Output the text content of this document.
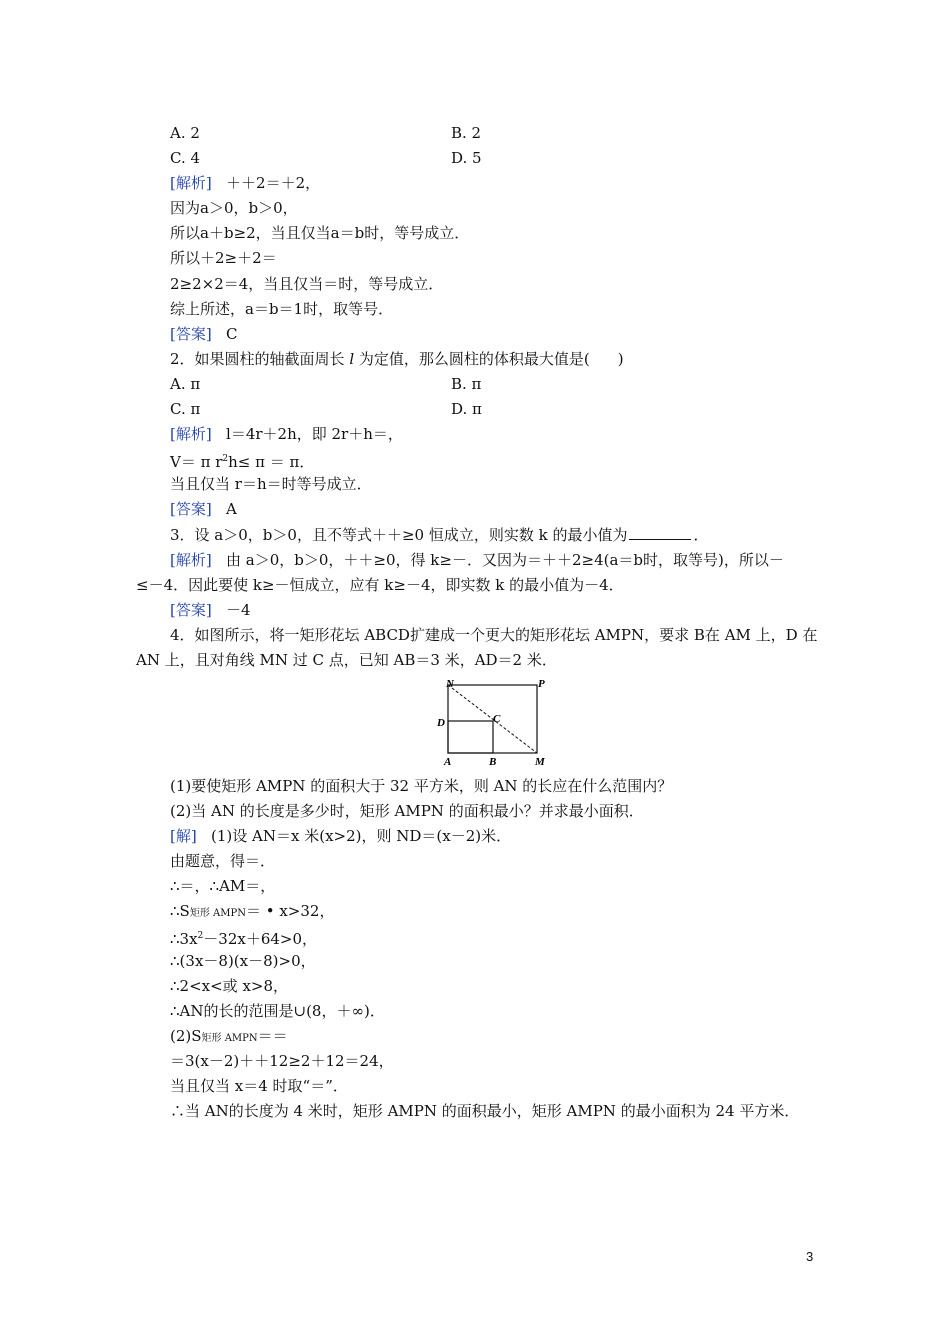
A. 2	B. 2
C. 4	D. 5
[解析] ＋＋2＝＋2，
因为a＞0，b＞0，
所以a＋b≥2，当且仅当a＝b时，等号成立．
所以＋2≥＋2＝
2≥2×2＝4，当且仅当＝时，等号成立．
综上所述，a＝b＝1时，取等号．
[答案] C
2．如果圆柱的轴截面周长 l 为定值，那么圆柱的体积最大值是( )
A. π	B. π
C. π	D. π
[解析] l＝4r＋2h，即 2r＋h＝，
V＝ π $r^2h\le \pi = \pi$．
当且仅当 r＝h＝时等号成立．
[答案] A
3．设 a＞0，b＞0，且不等式＋＋≥0 恒成立，则实数 k 的最小值为	．
[解析] 由 a＞0，b＞0，＋＋≥0，得 k≥－．又因为＝＋＋2≥4(a＝b时，取等号)，所以－
≤－4．因此要使 k≥－恒成立，应有 k≥－4，即实数 k 的最小值为－4．
[答案] －4
4．如图所示，将一矩形花坛 ABCD扩建成一个更大的矩形花坛 AMPN，要求 B在 AM 上，D 在
AN 上，且对角线 MN 过 C 点，已知 AB＝3 米，AD＝2 米．
N	P
D	C
A	B	M
(1)要使矩形 AMPN 的面积大于 32 平方米，则 AN 的长应在什么范围内？
(2)当 AN 的长度是多少时，矩形 AMPN 的面积最小？并求最小面积．
[解] (1)设 AN＝x 米(x>2)，则 ND＝(x－2)米．
由题意，得＝．
∴＝，∴AM＝，
∴S矩形 AMPN＝ • x>32，
$\therefore 3x^2-32x+64>0$，
∴(3x－8)(x－8)>0，
∴2<x<或 x>8，
∴AN的长的范围是∪(8，＋∞)．
(2)S矩形 AMPN＝＝
＝3(x－2)＋＋12≥2＋12＝24，
当且仅当 x＝4 时取“＝”．
∴当 AN的长度为 4 米时，矩形 AMPN 的面积最小，矩形 AMPN 的最小面积为 24 平方米．
3
